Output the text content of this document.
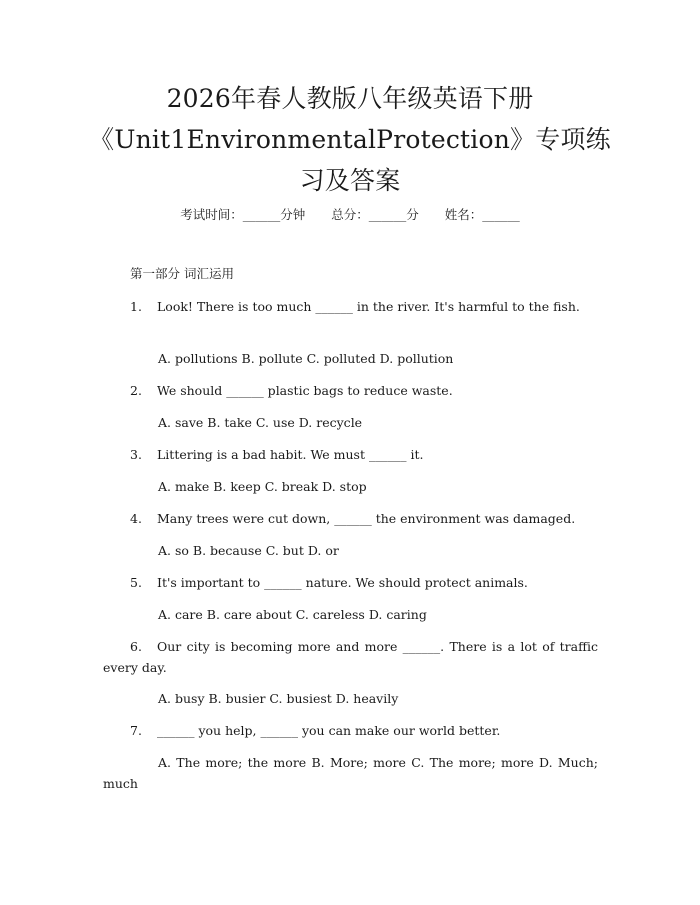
2026年春人教版八年级英语下册
《Unit1EnvironmentalProtection》专项练
习及答案
考试时间：______分钟 总分：______分 姓名：______
第一部分 词汇运用
1.	Look! There is too much ______ in the river. It's harmful to the fish.
A. pollutions B. pollute C. polluted D. pollution
2. We should ______ plastic bags to reduce waste.
A. save B. take C. use D. recycle
3. Littering is a bad habit. We must ______ it.
A. make B. keep C. break D. stop
4. Many trees were cut down, ______ the environment was damaged.
A. so B. because C. but D. or
5. It's important to ______ nature. We should protect animals.
A. care B. care about C. careless D. caring
6.	Our city is becoming more and more ______. There is a lot of traffic every day.
A. busy B. busier C. busiest D. heavily
7. ______ you help, ______ you can make our world better.
A. The more; the more B. More; more C. The more; more D. Much; much
